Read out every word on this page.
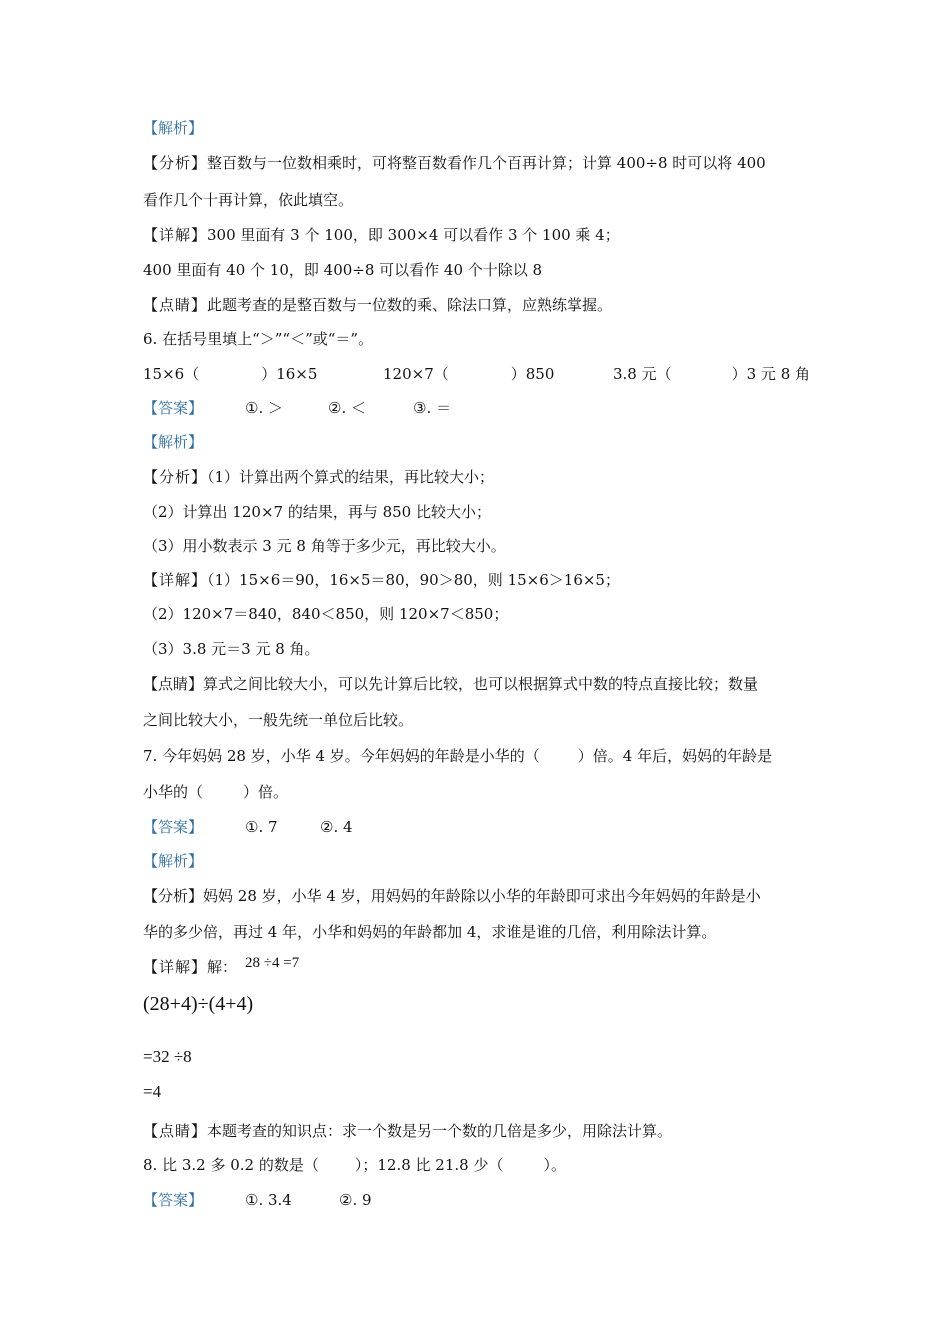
【解析】
【分析】整百数与一位数相乘时，可将整百数看作几个百再计算；计算 400÷8 时可以将 400
看作几个十再计算，依此填空。
【详解】300 里面有 3 个 100，即 300×4 可以看作 3 个 100 乘 4；
400 里面有 40 个 10，即 400÷8 可以看作 40 个十除以 8
【点睛】此题考查的是整百数与一位数的乘、除法口算，应熟练掌握。
6. 在括号里填上“＞”“＜”或“＝”。
15×6（	）16×5	120×7（	）850	3.8 元（	）3 元 8 角
【答案】	①. ＞	②. ＜	③. ＝
【解析】
【分析】（1）计算出两个算式的结果，再比较大小；
（2）计算出 120×7 的结果，再与 850 比较大小；
（3）用小数表示 3 元 8 角等于多少元，再比较大小。
【详解】（1）15×6＝90，16×5＝80，90＞80，则 15×6＞16×5；
（2）120×7＝840，840＜850，则 120×7＜850；
（3）3.8 元＝3 元 8 角。
【点睛】算式之间比较大小，可以先计算后比较，也可以根据算式中数的特点直接比较；数量
之间比较大小，一般先统一单位后比较。
7. 今年妈妈 28 岁，小华 4 岁。今年妈妈的年龄是小华的（	）倍。4 年后，妈妈的年龄是
小华的（	）倍。
【答案】	①. 7	②. 4
【解析】
【分析】妈妈 28 岁，小华 4 岁，用妈妈的年龄除以小华的年龄即可求出今年妈妈的年龄是小
华的多少倍，再过 4 年，小华和妈妈的年龄都加 4，求谁是谁的几倍，利用除法计算。
【详解】解： 28 ÷4 =7
(28+4)÷(4+4)
=32 ÷8
=4
【点睛】本题考查的知识点：求一个数是另一个数的几倍是多少，用除法计算。
8. 比 3.2 多 0.2 的数是（ ）；12.8 比 21.8 少（	）。
【答案】	①. 3.4	②. 9
